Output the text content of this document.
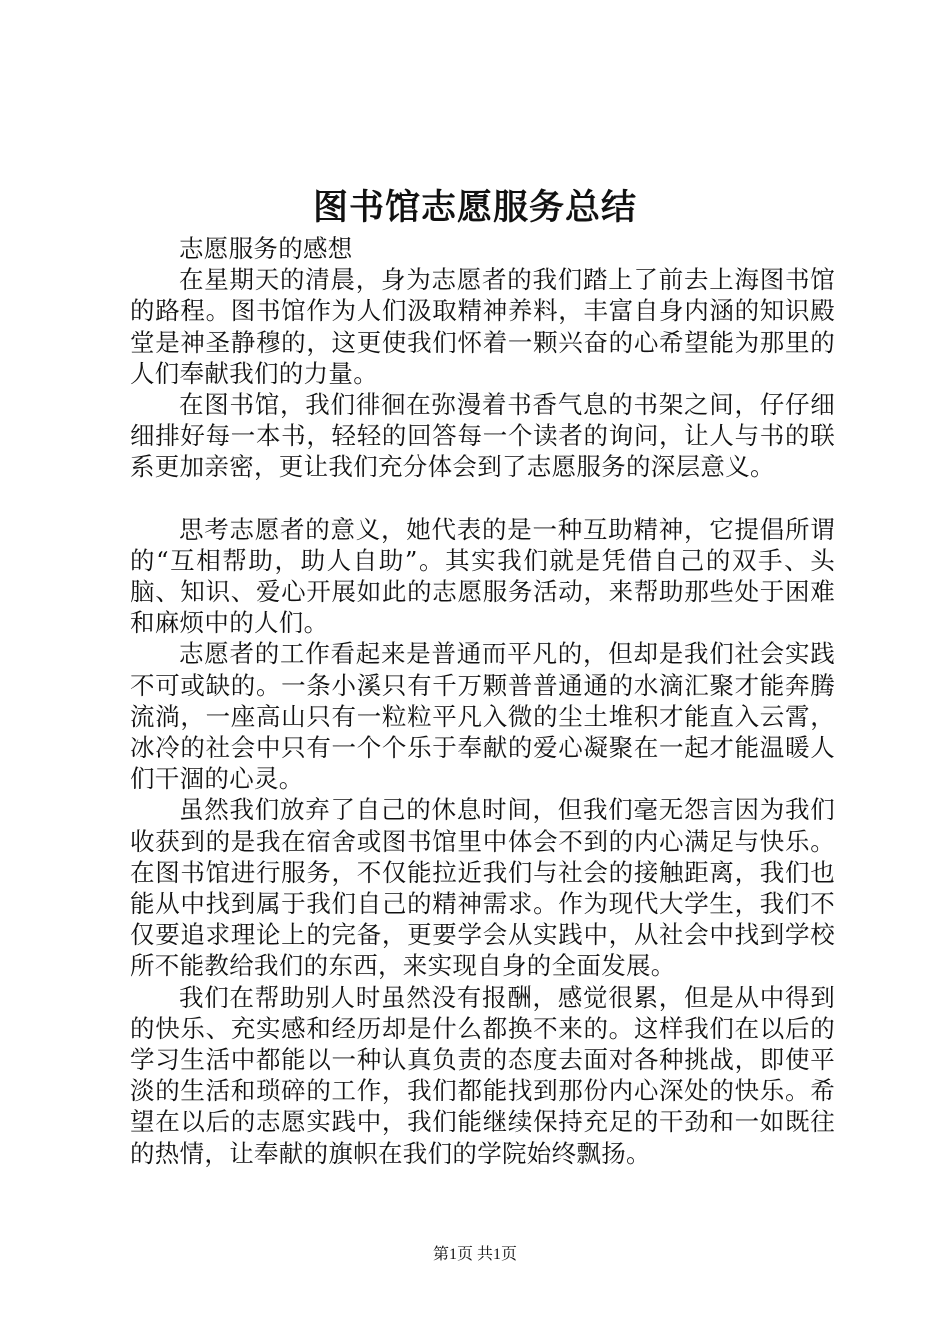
图书馆志愿服务总结

志愿服务的感想

在星期天的清晨，身为志愿者的我们踏上了前去上海图书馆的路程。图书馆作为人们汲取精神养料，丰富自身内涵的知识殿堂是神圣静穆的，这更使我们怀着一颗兴奋的心希望能为那里的人们奉献我们的力量。

在图书馆，我们徘徊在弥漫着书香气息的书架之间，仔仔细细排好每一本书，轻轻的回答每一个读者的询问，让人与书的联系更加亲密，更让我们充分体会到了志愿服务的深层意义。

思考志愿者的意义，她代表的是一种互助精神，它提倡所谓的“互相帮助，助人自助”。其实我们就是凭借自己的双手、头脑、知识、爱心开展如此的志愿服务活动，来帮助那些处于困难和麻烦中的人们。

志愿者的工作看起来是普通而平凡的，但却是我们社会实践不可或缺的。一条小溪只有千万颗普普通通的水滴汇聚才能奔腾流淌，一座高山只有一粒粒平凡入微的尘土堆积才能直入云霄，冰冷的社会中只有一个个乐于奉献的爱心凝聚在一起才能温暖人们干涸的心灵。

虽然我们放弃了自己的休息时间，但我们毫无怨言因为我们收获到的是我在宿舍或图书馆里中体会不到的内心满足与快乐。在图书馆进行服务，不仅能拉近我们与社会的接触距离，我们也能从中找到属于我们自己的精神需求。作为现代大学生，我们不仅要追求理论上的完备，更要学会从实践中，从社会中找到学校所不能教给我们的东西，来实现自身的全面发展。

我们在帮助别人时虽然没有报酬，感觉很累，但是从中得到的快乐、充实感和经历却是什么都换不来的。这样我们在以后的学习生活中都能以一种认真负责的态度去面对各种挑战，即使平淡的生活和琐碎的工作，我们都能找到那份内心深处的快乐。希望在以后的志愿实践中，我们能继续保持充足的干劲和一如既往的热情，让奉献的旗帜在我们的学院始终飘扬。

第1页 共1页
